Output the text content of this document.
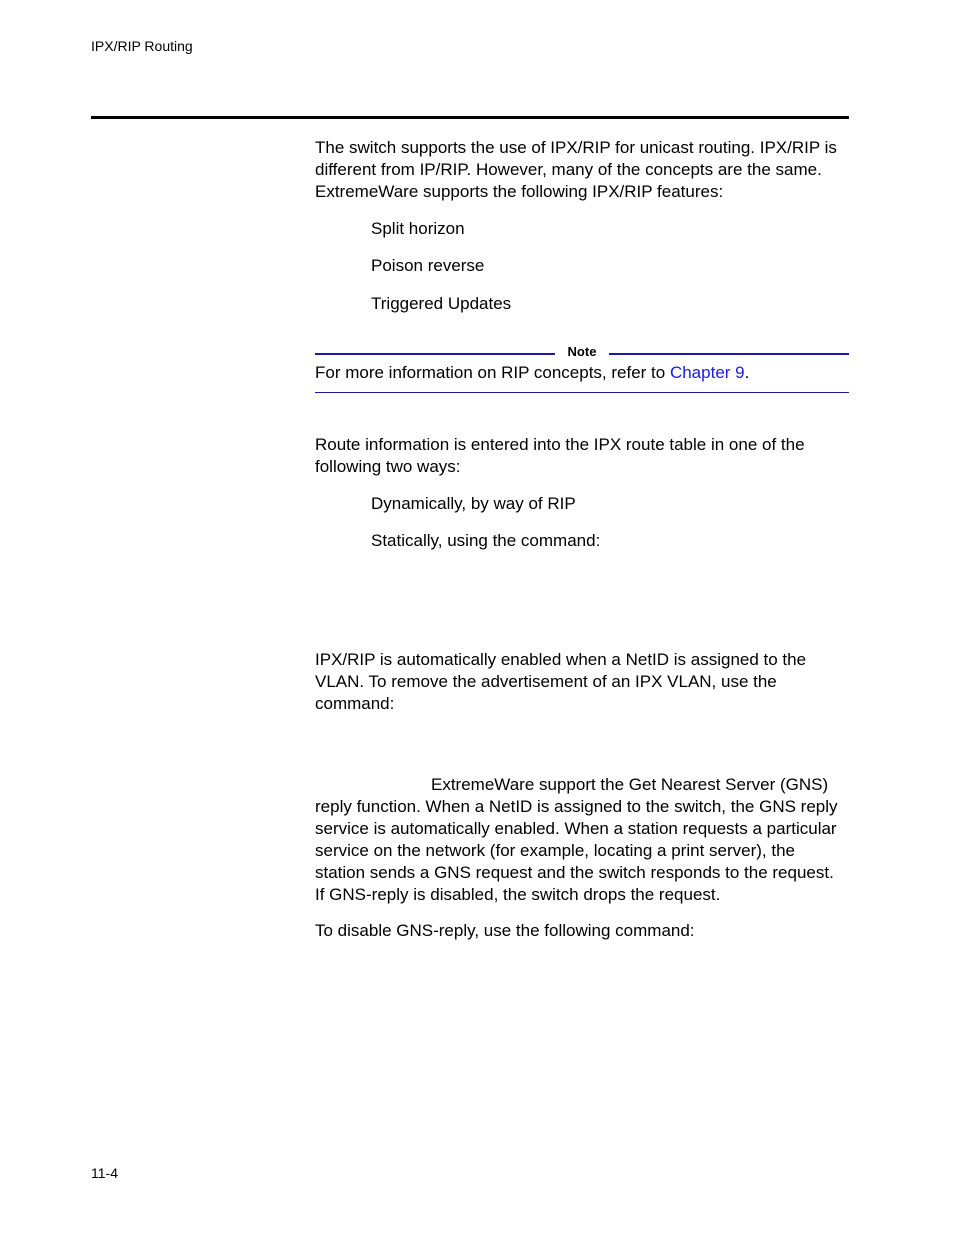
IPX/RIP Routing
The switch supports the use of IPX/RIP for unicast routing. IPX/RIP is
different from IP/RIP. However, many of the concepts are the same.
ExtremeWare supports the following IPX/RIP features:
Split horizon
Poison reverse
Triggered Updates
Note
For more information on RIP concepts, refer to Chapter 9.
Route information is entered into the IPX route table in one of the
following two ways:
Dynamically, by way of RIP
Statically, using the command:
IPX/RIP is automatically enabled when a NetID is assigned to the
VLAN. To remove the advertisement of an IPX VLAN, use the
command:
ExtremeWare support the Get Nearest Server (GNS)
reply function. When a NetID is assigned to the switch, the GNS reply
service is automatically enabled. When a station requests a particular
service on the network (for example, locating a print server), the
station sends a GNS request and the switch responds to the request.
If GNS-reply is disabled, the switch drops the request.
To disable GNS-reply, use the following command:
11-4
